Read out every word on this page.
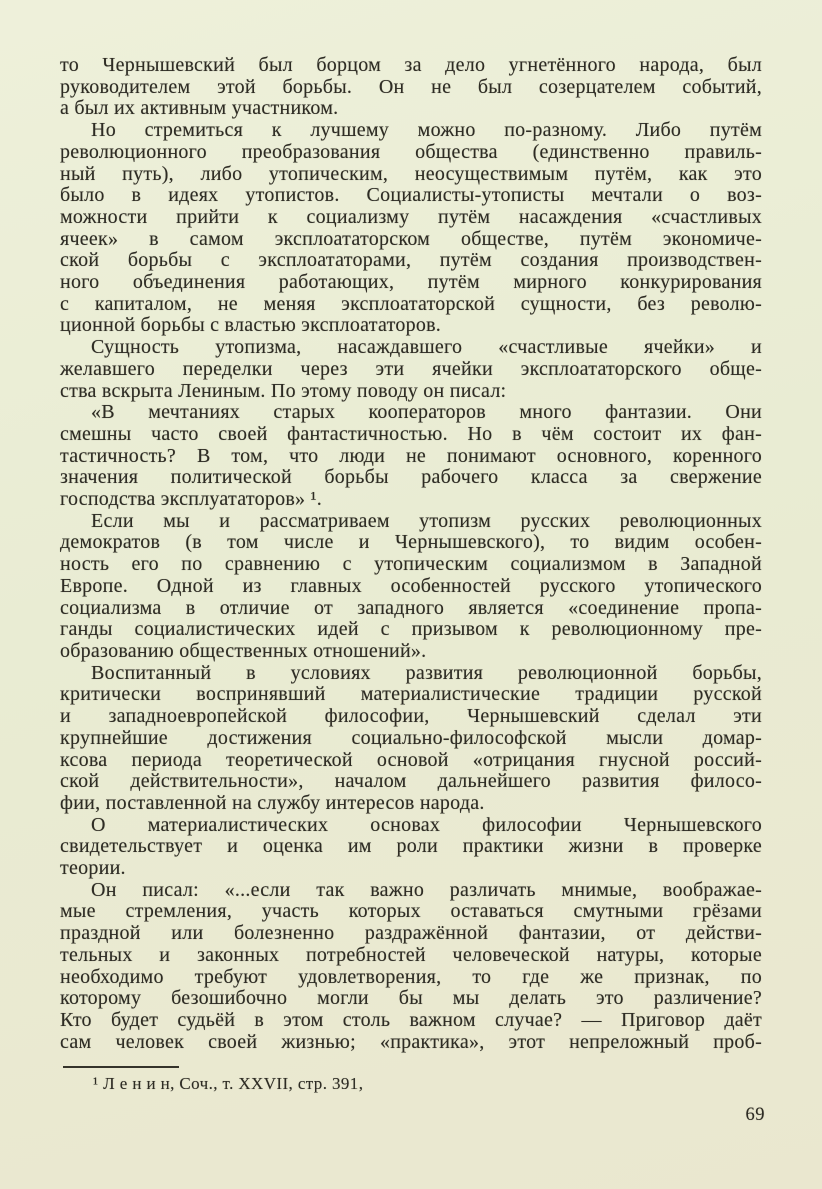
то Чернышевский был борцом за дело угнетённого народа, был
руководителем этой борьбы. Он не был созерцателем событий,
а был их активным участником.
Но стремиться к лучшему можно по-разному. Либо путём
революционного преобразования общества (единственно правиль-
ный путь), либо утопическим, неосуществимым путём, как это
было в идеях утопистов. Социалисты-утописты мечтали о воз-
можности прийти к социализму путём насаждения «счастливых
ячеек» в самом эксплоататорском обществе, путём экономиче-
ской борьбы с эксплоататорами, путём создания производствен-
ного объединения работающих, путём мирного конкурирования
с капиталом, не меняя эксплоататорской сущности, без револю-
ционной борьбы с властью эксплоататоров.
Сущность утопизма, насаждавшего «счастливые ячейки» и
желавшего переделки через эти ячейки эксплоататорского обще-
ства вскрыта Лениным. По этому поводу он писал:
«В мечтаниях старых кооператоров много фантазии. Они
смешны часто своей фантастичностью. Но в чём состоит их фан-
тастичность? В том, что люди не понимают основного, коренного
значения политической борьбы рабочего класса за свержение
господства эксплуататоров» ¹.
Если мы и рассматриваем утопизм русских революционных
демократов (в том числе и Чернышевского), то видим особен-
ность его по сравнению с утопическим социализмом в Западной
Европе. Одной из главных особенностей русского утопического
социализма в отличие от западного является «соединение пропа-
ганды социалистических идей с призывом к революционному пре-
образованию общественных отношений».
Воспитанный в условиях развития революционной борьбы,
критически воспринявший материалистические традиции русской
и западноевропейской философии, Чернышевский сделал эти
крупнейшие достижения социально-философской мысли домар-
ксова периода теоретической основой «отрицания гнусной россий-
ской действительности», началом дальнейшего развития филосо-
фии, поставленной на службу интересов народа.
О материалистических основах философии Чернышевского
свидетельствует и оценка им роли практики жизни в проверке
теории.
Он писал: «...если так важно различать мнимые, воображае-
мые стремления, участь которых оставаться смутными грёзами
праздной или болезненно раздражённой фантазии, от действи-
тельных и законных потребностей человеческой натуры, которые
необходимо требуют удовлетворения, то где же признак, по
которому безошибочно могли бы мы делать это различение?
Кто будет судьёй в этом столь важном случае? — Приговор даёт
сам человек своей жизнью; «практика», этот непреложный проб-
¹ Л е н и н, Соч., т. XXVII, стр. 391,
69
